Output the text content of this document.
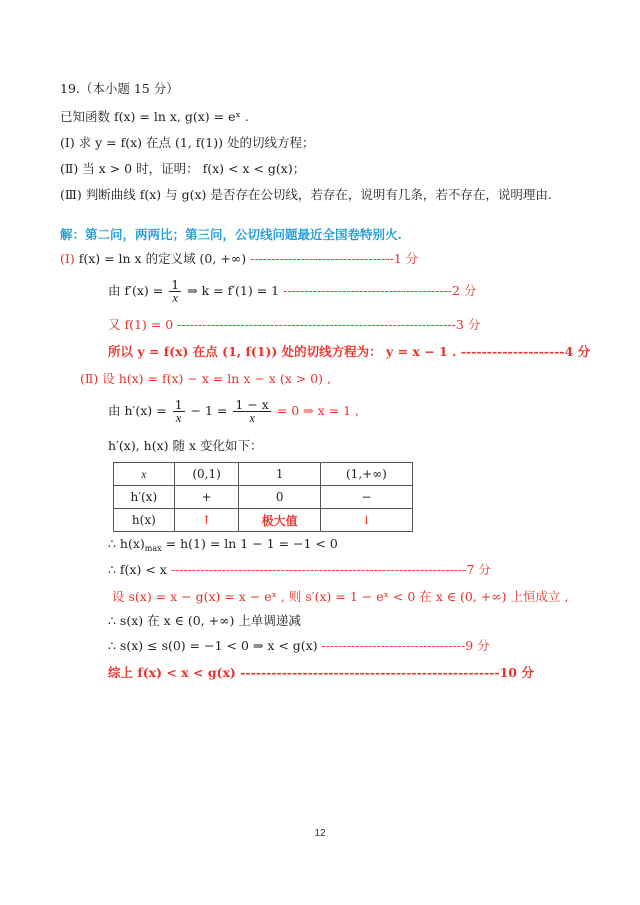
19.（本小题 15 分）
已知函数 f(x) = ln x, g(x) = eˣ .
(Ⅰ) 求 y = f(x) 在点 (1, f(1)) 处的切线方程；
(Ⅱ) 当 x > 0 时，证明： f(x) < x < g(x)；
(Ⅲ) 判断曲线 f(x) 与 g(x) 是否存在公切线，若存在，说明有几条，若不存在，说明理由.
解：第二问，两两比；第三问，公切线问题最近全国卷特别火.
(Ⅰ) f(x) = ln x 的定义域 (0, +∞) ----------------------------------1 分
由 $f'(x) = \frac{1}{x}$ ⇒ k = f′(1) = 1 ----------------------------------------2 分
又 f(1) = 0 ------------------------------------------------------------------3 分
所以 y = f(x) 在点 (1, f(1)) 处的切线方程为： y = x − 1 . --------------------4 分
(Ⅱ) 设 h(x) = f(x) − x = ln x − x (x > 0) ,
由 $h'(x) = \frac{1}{x} - 1 = \frac{1 - x}{x} = 0$ ⇒ x = 1 ,
h′(x), h(x) 随 x 变化如下：
x	(0,1)	1	(1,+∞)
h′(x)	+	0	−
h(x)	↑	极大值	↓
∴ $h(x)_{max} = h(1) = \ln 1 - 1 = -1 < 0$
∴ f(x) < x ----------------------------------------------------------------------7 分
设 s(x) = x − g(x) = x − eˣ , 则 s′(x) = 1 − eˣ < 0 在 x ∈ (0, +∞) 上恒成立 ,
∴ s(x) 在 x ∈ (0, +∞) 上单调递减
∴ s(x) ≤ s(0) = −1 < 0 ⇒ x < g(x) ----------------------------------9 分
综上 f(x) < x < g(x) --------------------------------------------------10 分
12
